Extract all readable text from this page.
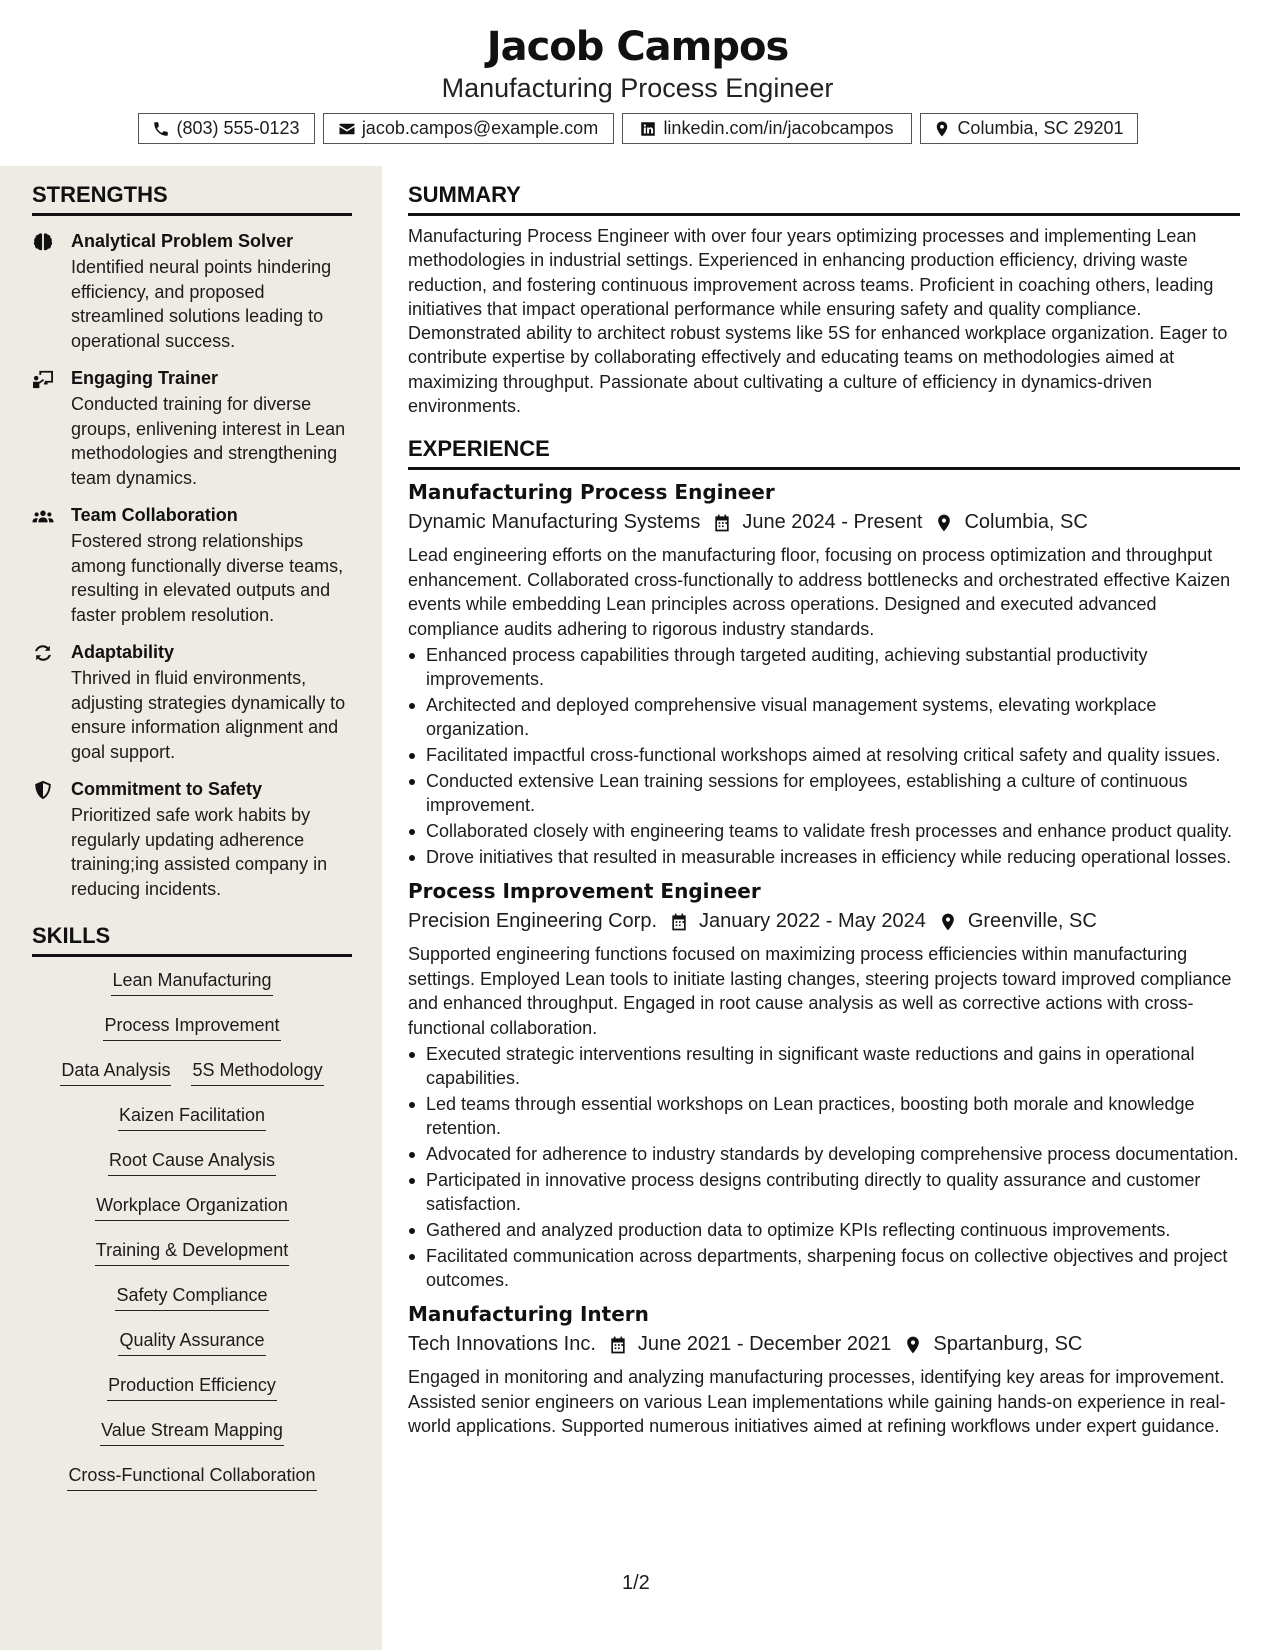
Jacob Campos
Manufacturing Process Engineer
(803) 555-0123	jacob.campos@example.com	linkedin.com/in/jacobcampos	Columbia, SC 29201
STRENGTHS
Analytical Problem Solver
Identified neural points hindering efficiency, and proposed streamlined solutions leading to operational success.
Engaging Trainer
Conducted training for diverse groups, enlivening interest in Lean methodologies and strengthening team dynamics.
Team Collaboration
Fostered strong relationships among functionally diverse teams, resulting in elevated outputs and faster problem resolution.
Adaptability
Thrived in fluid environments, adjusting strategies dynamically to ensure information alignment and goal support.
Commitment to Safety
Prioritized safe work habits by regularly updating adherence training;ing assisted company in reducing incidents.
SKILLS
Lean Manufacturing
Process Improvement
Data Analysis 5S Methodology
Kaizen Facilitation
Root Cause Analysis
Workplace Organization
Training & Development
Safety Compliance
Quality Assurance
Production Efficiency
Value Stream Mapping
Cross-Functional Collaboration
SUMMARY
Manufacturing Process Engineer with over four years optimizing processes and implementing Lean methodologies in industrial settings. Experienced in enhancing production efficiency, driving waste reduction, and fostering continuous improvement across teams. Proficient in coaching others, leading initiatives that impact operational performance while ensuring safety and quality compliance. Demonstrated ability to architect robust systems like 5S for enhanced workplace organization. Eager to contribute expertise by collaborating effectively and educating teams on methodologies aimed at maximizing throughput. Passionate about cultivating a culture of efficiency in dynamics-driven environments.
EXPERIENCE
Manufacturing Process Engineer
Dynamic Manufacturing Systems June 2024 - Present Columbia, SC
Lead engineering efforts on the manufacturing floor, focusing on process optimization and throughput enhancement. Collaborated cross-functionally to address bottlenecks and orchestrated effective Kaizen events while embedding Lean principles across operations. Designed and executed advanced compliance audits adhering to rigorous industry standards.
Enhanced process capabilities through targeted auditing, achieving substantial productivity improvements.
Architected and deployed comprehensive visual management systems, elevating workplace organization.
Facilitated impactful cross-functional workshops aimed at resolving critical safety and quality issues.
Conducted extensive Lean training sessions for employees, establishing a culture of continuous improvement.
Collaborated closely with engineering teams to validate fresh processes and enhance product quality.
Drove initiatives that resulted in measurable increases in efficiency while reducing operational losses.
Process Improvement Engineer
Precision Engineering Corp. January 2022 - May 2024 Greenville, SC
Supported engineering functions focused on maximizing process efficiencies within manufacturing settings. Employed Lean tools to initiate lasting changes, steering projects toward improved compliance and enhanced throughput. Engaged in root cause analysis as well as corrective actions with cross-functional collaboration.
Executed strategic interventions resulting in significant waste reductions and gains in operational capabilities.
Led teams through essential workshops on Lean practices, boosting both morale and knowledge retention.
Advocated for adherence to industry standards by developing comprehensive process documentation.
Participated in innovative process designs contributing directly to quality assurance and customer satisfaction.
Gathered and analyzed production data to optimize KPIs reflecting continuous improvements.
Facilitated communication across departments, sharpening focus on collective objectives and project outcomes.
Manufacturing Intern
Tech Innovations Inc. June 2021 - December 2021 Spartanburg, SC
Engaged in monitoring and analyzing manufacturing processes, identifying key areas for improvement. Assisted senior engineers on various Lean implementations while gaining hands-on experience in real-world applications. Supported numerous initiatives aimed at refining workflows under expert guidance.
1/2
